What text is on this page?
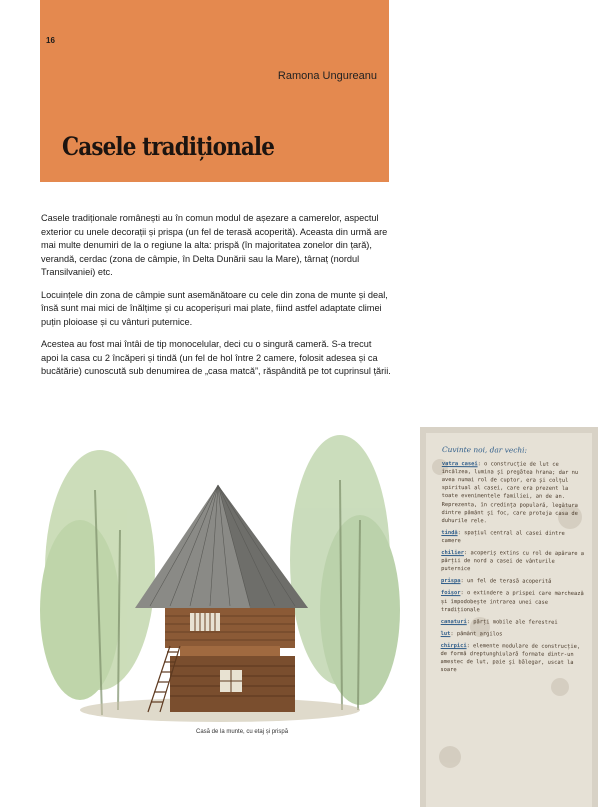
16
Ramona Ungureanu
Casele tradiționale

Casele tradiționale românești au în comun modul de așezare a camerelor, aspectul exterior cu unele decorații și prispa (un fel de terasă acoperită). Aceasta din urmă are mai multe denumiri de la o regiune la alta: prispă (în majoritatea zonelor din țară), verandă, cerdac (zona de câmpie, în Delta Dunării sau la Mare), târnaț (nordul Transilvaniei) etc.

Locuințele din zona de câmpie sunt asemănătoare cu cele din zona de munte și deal, însă sunt mai mici de înălțime și cu acoperișuri mai plate, fiind astfel adaptate climei puțin ploioase și cu vânturi puternice.

Acestea au fost mai întâi de tip monocelular, deci cu o singură cameră. S-a trecut apoi la casa cu 2 încăperi și tindă (un fel de hol între 2 camere, folosit adesea și ca bucătărie) cunoscută sub denumirea de „casa matcă”, răspândită pe tot cuprinsul țării.

Casă de la munte, cu etaj și prispă
Cuvinte noi, dar vechi:
vatra casei: o construcție de lut ce încălzea, lumina și pregătea hrana; dar nu avea numai rol de cuptor, era și colțul spiritual al casei, care era prezent la toate evenimentele familiei, an de an. Reprezenta, în credința populară, legătura dintre pământ și foc, care proteja casa de duhurile rele.
tindă: spațiul central al casei dintre camere
chilier: acoperiș extins cu rol de apărare a părții de nord a casei de vânturile puternice
prispa: un fel de terasă acoperită
foișor: o extindere a prispei care marchează și împodobește intrarea unei case tradiționale
canaturi: părți mobile ale ferestrei
lut: pământ argilos
chirpici: elemente modulare de construcție, de formă dreptunghiulară formate dintr-un amestec de lut, paie și bălegar, uscat la soare
